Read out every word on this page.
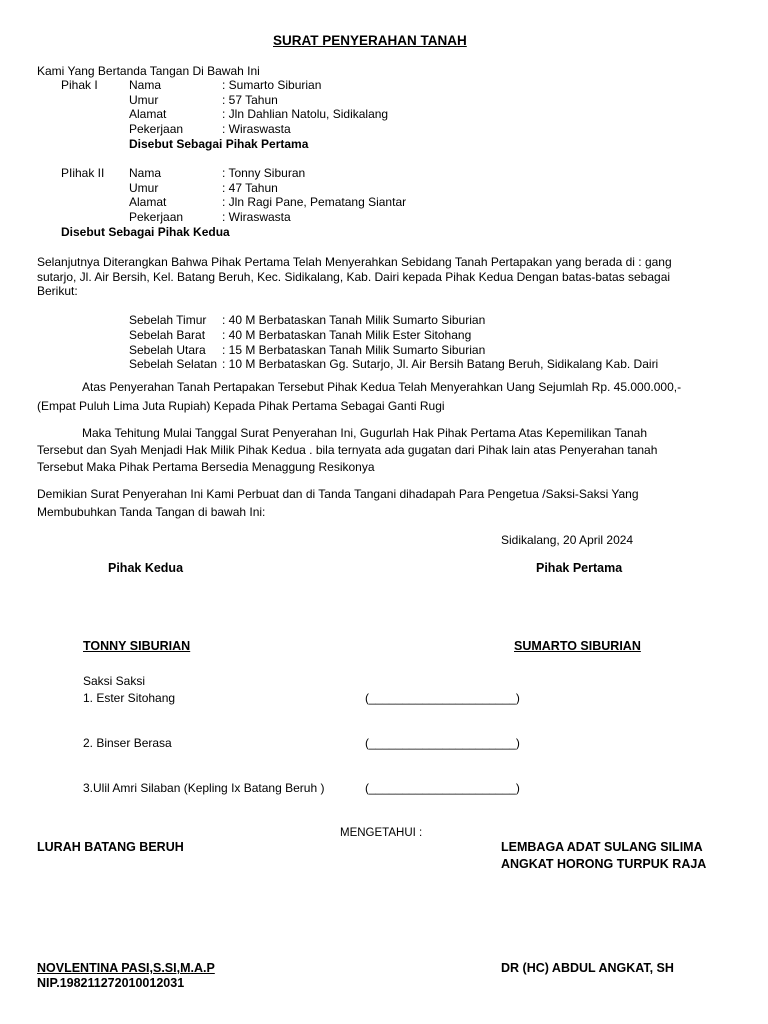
SURAT PENYERAHAN TANAH
Kami Yang Bertanda Tangan Di Bawah Ini
Pihak I	Nama	: Sumarto Siburian
Umur	: 57 Tahun
Alamat	: Jln Dahlian Natolu, Sidikalang
Pekerjaan	: Wiraswasta
Disebut Sebagai Pihak Pertama
PIihak II Nama	: Tonny Siburan
Umur	: 47 Tahun
Alamat	: Jln Ragi Pane, Pematang Siantar
Pekerjaan	: Wiraswasta
Disebut Sebagai Pihak Kedua
Selanjutnya Diterangkan Bahwa Pihak Pertama Telah Menyerahkan Sebidang Tanah Pertapakan yang berada di : gang
sutarjo, Jl. Air Bersih, Kel. Batang Beruh, Kec. Sidikalang, Kab. Dairi kepada Pihak Kedua Dengan batas-batas sebagai
Berikut:
Sebelah Timur : 40 M Berbataskan Tanah Milik Sumarto Siburian
Sebelah Barat : 40 M Berbataskan Tanah Milik Ester Sitohang
Sebelah Utara : 15 M Berbataskan Tanah Milik Sumarto Siburian
Sebelah Selatan : 10 M Berbataskan Gg. Sutarjo, Jl. Air Bersih Batang Beruh, Sidikalang Kab. Dairi
Atas Penyerahan Tanah Pertapakan Tersebut Pihak Kedua Telah Menyerahkan Uang Sejumlah Rp. 45.000.000,-
(Empat Puluh Lima Juta Rupiah) Kepada Pihak Pertama Sebagai Ganti Rugi
Maka Tehitung Mulai Tanggal Surat Penyerahan Ini, Gugurlah Hak Pihak Pertama Atas Kepemilikan Tanah
Tersebut dan Syah Menjadi Hak Milik Pihak Kedua . bila ternyata ada gugatan dari Pihak lain atas Penyerahan tanah
Tersebut Maka Pihak Pertama Bersedia Menaggung Resikonya
Demikian Surat Penyerahan Ini Kami Perbuat dan di Tanda Tangani dihadapah Para Pengetua /Saksi-Saksi Yang
Membubuhkan Tanda Tangan di bawah Ini:
Sidikalang, 20 April 2024
Pihak Kedua	Pihak Pertama
TONNY SIBURIAN	SUMARTO SIBURIAN
Saksi Saksi
1. Ester Sitohang	(______________________)
2. Binser Berasa	(______________________)
3.Ulil Amri Silaban (Kepling Ix Batang Beruh )	(______________________)
MENGETAHUI :
LURAH BATANG BERUH	LEMBAGA ADAT SULANG SILIMA
ANGKAT HORONG TURPUK RAJA
NOVLENTINA PASI,S.SI,M.A.P
NIP.198211272010012031
DR (HC) ABDUL ANGKAT, SH
